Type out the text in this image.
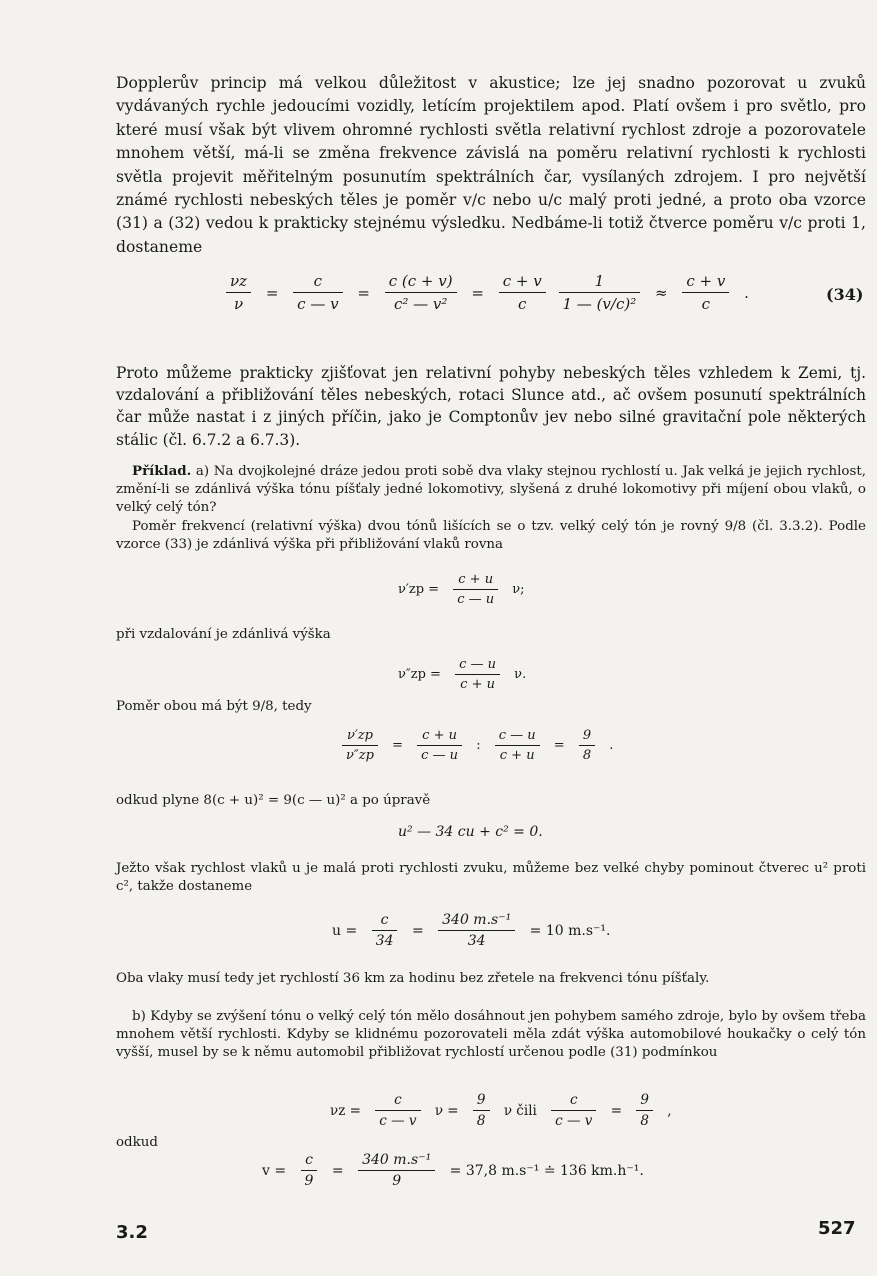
Dopplerův princip má velkou důležitost v akustice; lze jej snadno pozorovat u zvuků vydávaných rychle jedoucími vozidly, letícím projektilem apod. Platí ovšem i pro světlo, pro které musí však být vlivem ohromné rychlosti světla relativní rychlost zdroje a pozorovatele mnohem větší, má-li se změna frekvence závislá na poměru relativní rychlosti k rychlosti světla projevit měřitelným posunutím spektrálních čar, vysílaných zdrojem. I pro největší známé rychlosti nebeských těles je poměr v/c nebo u/c malý proti jedné, a proto oba vzorce (31) a (32) vedou k prakticky stejnému výsledku. Nedbáme-li totiž čtverce poměru v/c proti 1, dostaneme

$\frac{\nu z}{\nu} = \frac{c}{c — v} = \frac{c (c + v)}{\text{c² — v²}} = \frac{c + v}{c}$
$\frac{1}{\text{1 — (v/c)²}} \approx \frac{c + v}{c}$ .	(34)

Proto můžeme prakticky zjišťovat jen relativní pohyby nebeských těles vzhledem k Zemi, tj. vzdalování a přibližování těles nebeských, rotaci Slunce atd., ač ovšem posunutí spektrálních čar může nastat i z jiných příčin, jako je Comptonův jev nebo silné gravitační pole některých stálic (čl. 6.7.2 a 6.7.3).

Příklad. a) Na dvojkolejné dráze jedou proti sobě dva vlaky stejnou rychlostí u. Jak velká je jejich rychlost, změní-li se zdánlivá výška tónu píšťaly jedné lokomotivy, slyšená z druhé lokomotivy při míjení obou vlaků, o velký celý tón?

Poměr frekvencí (relativní výška) dvou tónů lišících se o tzv. velký celý tón je rovný 9/8 (čl. 3.3.2). Podle vzorce (33) je zdánlivá výška při přibližování vlaků rovna

$\nu'zp = \frac{c + u}{c — u} \nu$;

při vzdalování je zdánlivá výška

$\nu''zp = \frac{c — u}{c + u} \nu$.

Poměr obou má být 9/8, tedy

$\frac{\nu'zp}{\nu''zp} = \frac{c + u}{c — u}$ : $\frac{c — u}{c + u} = \frac{9}{8}$ .

odkud plyne 8(c + u)² = 9(c — u)² a po úpravě

u² — 34 cu + c² = 0.

Ježto však rychlost vlaků u je malá proti rychlosti zvuku, můžeme bez velké chyby pominout čtverec u² proti c², takže dostaneme

$u = \frac{c}{34} = \frac{\text{340 m.s⁻¹}}{34} = 10$ m.s⁻¹.

Oba vlaky musí tedy jet rychlostí 36 km za hodinu bez zřetele na frekvenci tónu píšťaly.

b) Kdyby se zvýšení tónu o velký celý tón mělo dosáhnout jen pohybem samého zdroje, bylo by ovšem třeba mnohem větší rychlosti. Kdyby se klidnému pozorovateli měla zdát výška automobilové houkačky o celý tón vyšší, musel by se k němu automobil přibližovat rychlostí určenou podle (31) podmínkou

$\nu z = \frac{c}{c — v}$ $\nu = \frac{9}{8}$ ν čili $\frac{c}{c — v} = \frac{9}{8}$ ,

odkud

$v = \frac{c}{9} = \frac{\text{340 m.s⁻¹}}{9} = 37,8$ m.s⁻¹ ≐ 136 km.h⁻¹.
3.2	527
